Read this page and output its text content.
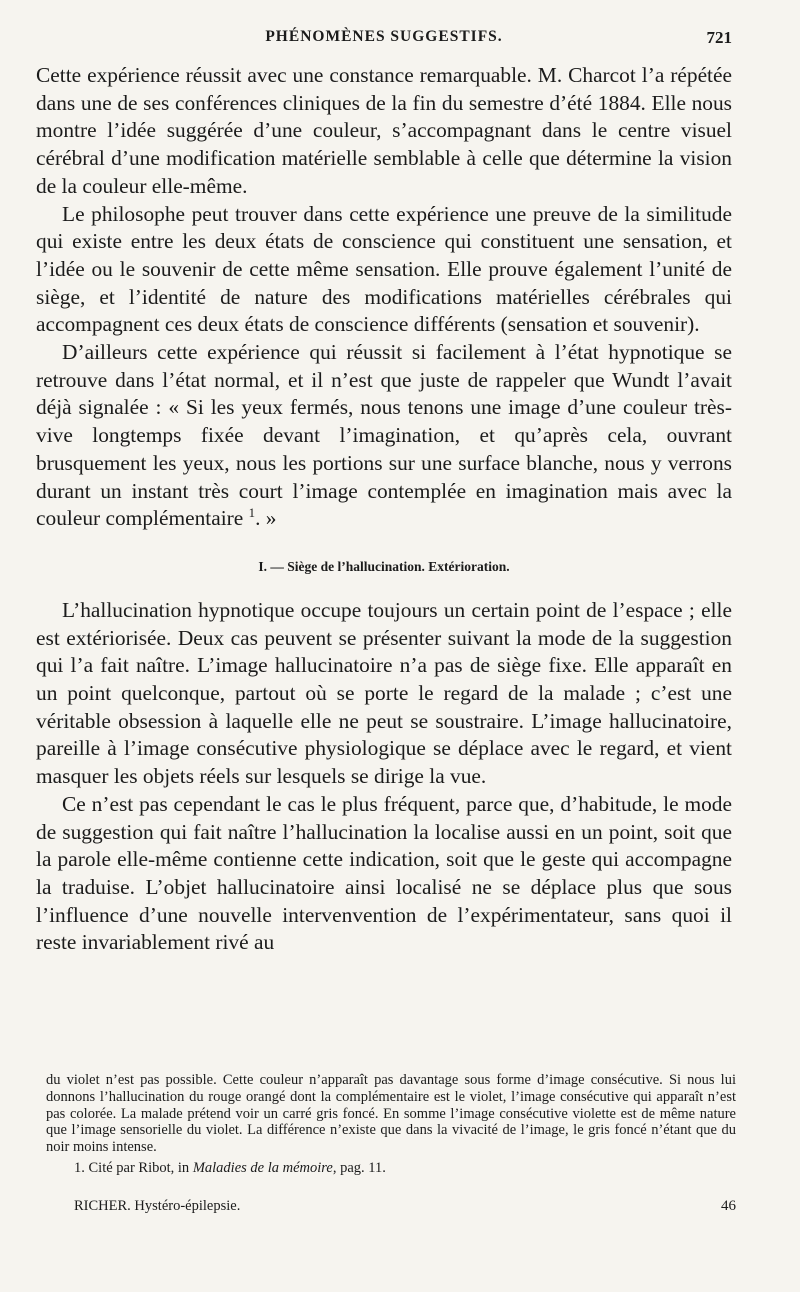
PHÉNOMÈNES SUGGESTIFS.	721

Cette expérience réussit avec une constance remarquable. M. Charcot l’a répétée dans une de ses conférences cliniques de la fin du semestre d’été 1884. Elle nous montre l’idée suggérée d’une couleur, s’accompagnant dans le centre visuel cérébral d’une modification matérielle semblable à celle que détermine la vision de la couleur elle-même.

Le philosophe peut trouver dans cette expérience une preuve de la similitude qui existe entre les deux états de conscience qui constituent une sensation, et l’idée ou le souvenir de cette même sensation. Elle prouve également l’unité de siège, et l’identité de nature des modifications matérielles cérébrales qui accompagnent ces deux états de conscience différents (sensation et souvenir).

D’ailleurs cette expérience qui réussit si facilement à l’état hypnotique se retrouve dans l’état normal, et il n’est que juste de rappeler que Wundt l’avait déjà signalée : « Si les yeux fermés, nous tenons une image d’une couleur très-vive longtemps fixée devant l’imagination, et qu’après cela, ouvrant brusquement les yeux, nous les portions sur une surface blanche, nous y verrons durant un instant très court l’image contemplée en imagination mais avec la couleur complémentaire $^1$. »

I. — Siège de l’hallucination. Extérioration.

L’hallucination hypnotique occupe toujours un certain point de l’espace ; elle est extériorisée. Deux cas peuvent se présenter suivant la mode de la suggestion qui l’a fait naître. L’image hallucinatoire n’a pas de siège fixe. Elle apparaît en un point quelconque, partout où se porte le regard de la malade ; c’est une véritable obsession à laquelle elle ne peut se soustraire. L’image hallucinatoire, pareille à l’image consécutive physiologique se déplace avec le regard, et vient masquer les objets réels sur lesquels se dirige la vue.

Ce n’est pas cependant le cas le plus fréquent, parce que, d’habitude, le mode de suggestion qui fait naître l’hallucination la localise aussi en un point, soit que la parole elle-même contienne cette indication, soit que le geste qui accompagne la traduise. L’objet hallucinatoire ainsi localisé ne se déplace plus que sous l’influence d’une nouvelle intervenvention de l’expérimentateur, sans quoi il reste invariablement rivé au

du violet n’est pas possible. Cette couleur n’apparaît pas davantage sous forme d’image consécutive. Si nous lui donnons l’hallucination du rouge orangé dont la complémentaire est le violet, l’image consécutive qui apparaît n’est pas colorée. La malade prétend voir un carré gris foncé. En somme l’image consécutive violette est de même nature que l’image sensorielle du violet. La différence n’existe que dans la vivacité de l’image, le gris foncé n’étant que du noir moins intense.

1. Cité par Ribot, in Maladies de la mémoire, pag. 11.

RICHER. Hystéro-épilepsie.	46
